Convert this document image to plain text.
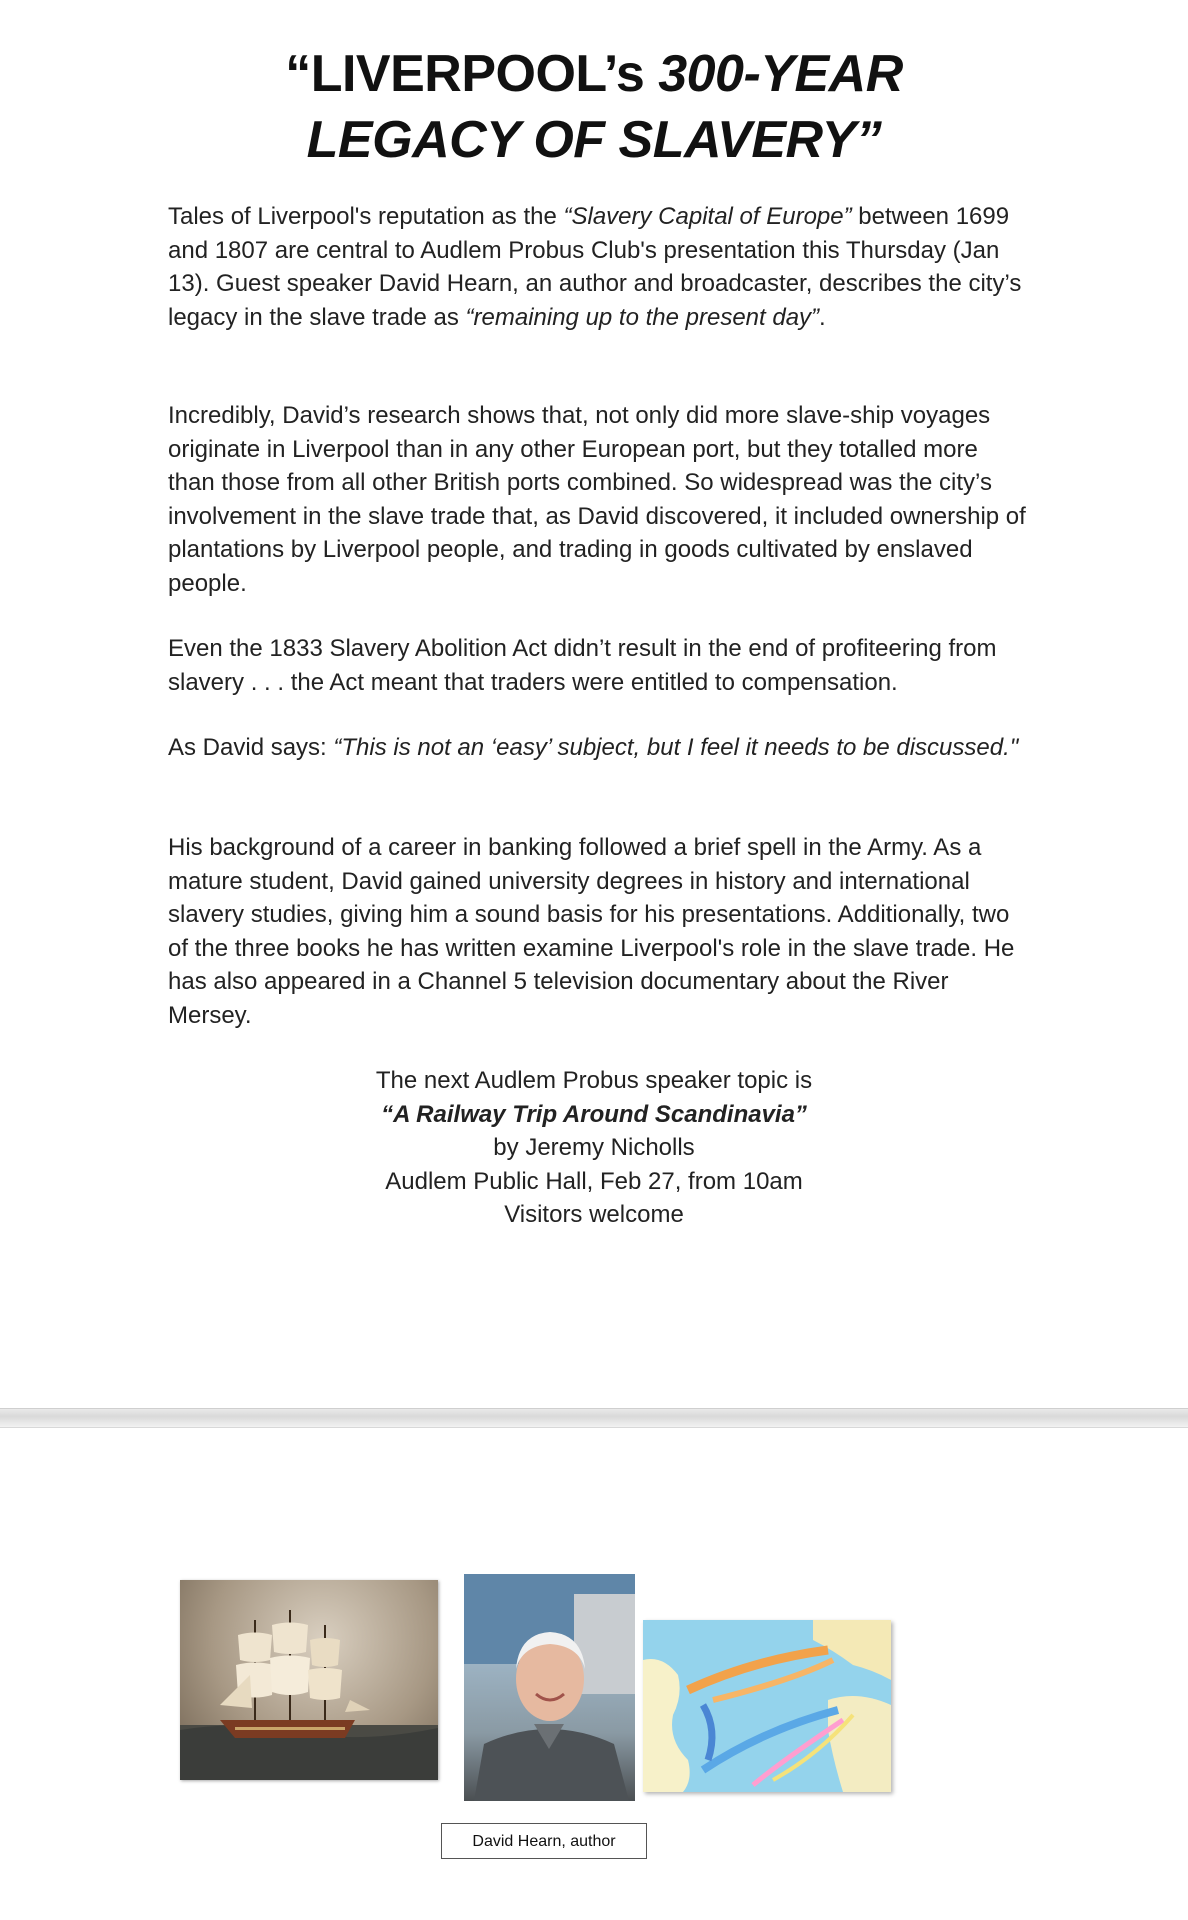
“LIVERPOOL’s 300-YEAR
LEGACY OF SLAVERY”
Tales of Liverpool's reputation as the “Slavery Capital of Europe” between 1699 and 1807 are central to Audlem Probus Club's presentation this Thursday (Jan 13). Guest speaker David Hearn, an author and broadcaster, describes the city’s legacy in the slave trade as “remaining up to the present day”.
Incredibly, David’s research shows that, not only did more slave-ship voyages originate in Liverpool than in any other European port, but they totalled more than those from all other British ports combined. So widespread was the city’s involvement in the slave trade that, as David discovered, it included ownership of plantations by Liverpool people, and trading in goods cultivated by enslaved people.
Even the 1833 Slavery Abolition Act didn’t result in the end of profiteering from slavery . . . the Act meant that traders were entitled to compensation.
As David says: “This is not an ‘easy’ subject, but I feel it needs to be discussed."
His background of a career in banking followed a brief spell in the Army. As a mature student, David gained university degrees in history and international slavery studies, giving him a sound basis for his presentations. Additionally, two of the three books he has written examine Liverpool's role in the slave trade. He has also appeared in a Channel 5 television documentary about the River Mersey.
The next Audlem Probus speaker topic is
“A Railway Trip Around Scandinavia”
by Jeremy Nicholls
Audlem Public Hall, Feb 27, from 10am
Visitors welcome
David Hearn, author
